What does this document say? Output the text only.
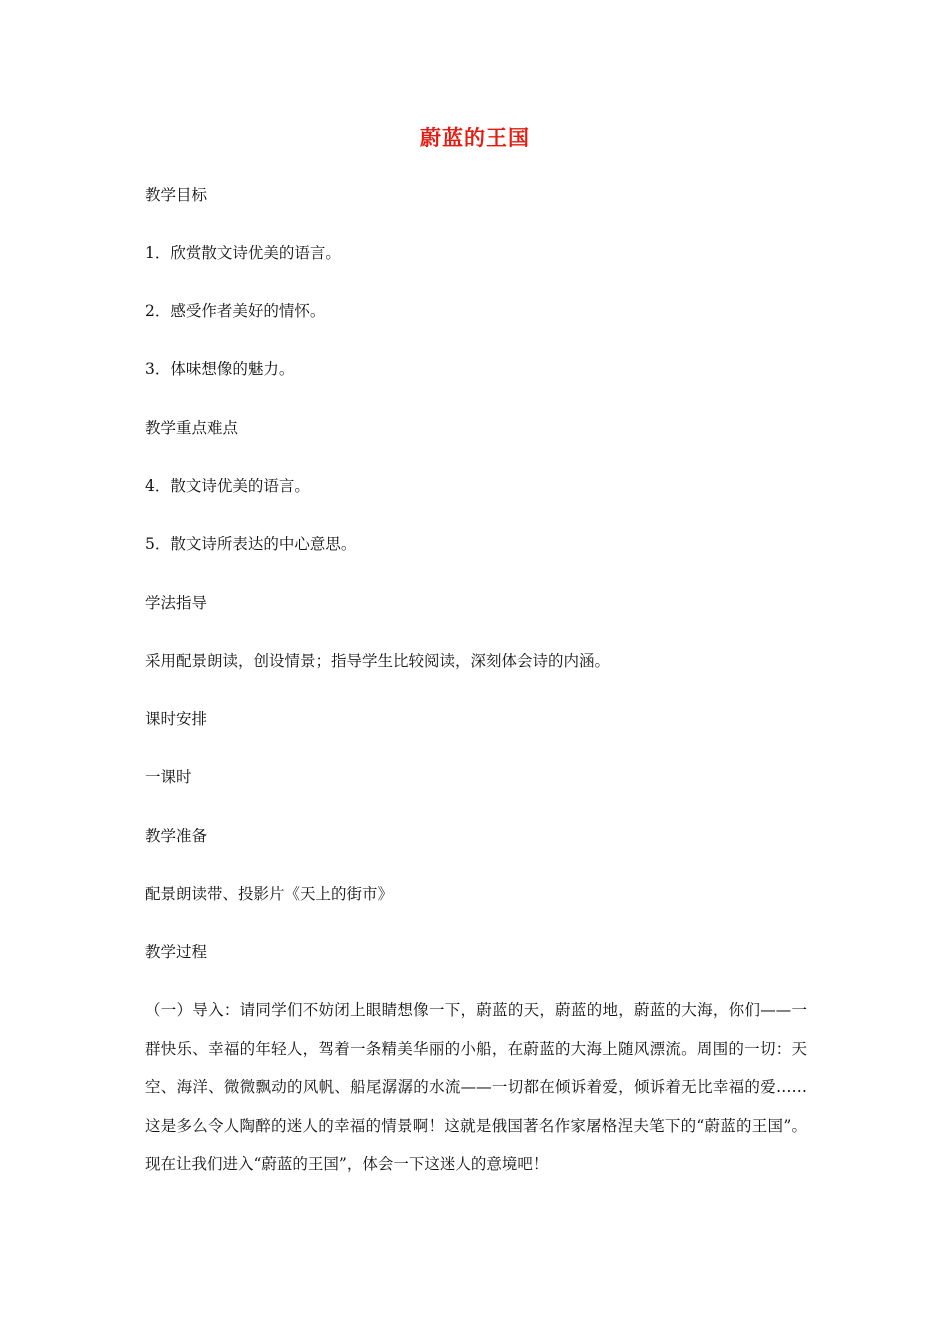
蔚蓝的王国
教学目标
1．欣赏散文诗优美的语言。
2．感受作者美好的情怀。
3．体味想像的魅力。
教学重点难点
4．散文诗优美的语言。
5．散文诗所表达的中心意思。
学法指导
采用配景朗读，创设情景；指导学生比较阅读，深刻体会诗的内涵。
课时安排
一课时
教学准备
配景朗读带、投影片《天上的街市》
教学过程
（一）导入：请同学们不妨闭上眼睛想像一下，蔚蓝的天，蔚蓝的地，蔚蓝的大海，你们——一群快乐、幸福的年轻人，驾着一条精美华丽的小船，在蔚蓝的大海上随风漂流。周围的一切：天空、海洋、微微飘动的风帆、船尾潺潺的水流——一切都在倾诉着爱，倾诉着无比幸福的爱……这是多么令人陶醉的迷人的幸福的情景啊！这就是俄国著名作家屠格涅夫笔下的“蔚蓝的王国”。现在让我们进入“蔚蓝的王国”，体会一下这迷人的意境吧！
